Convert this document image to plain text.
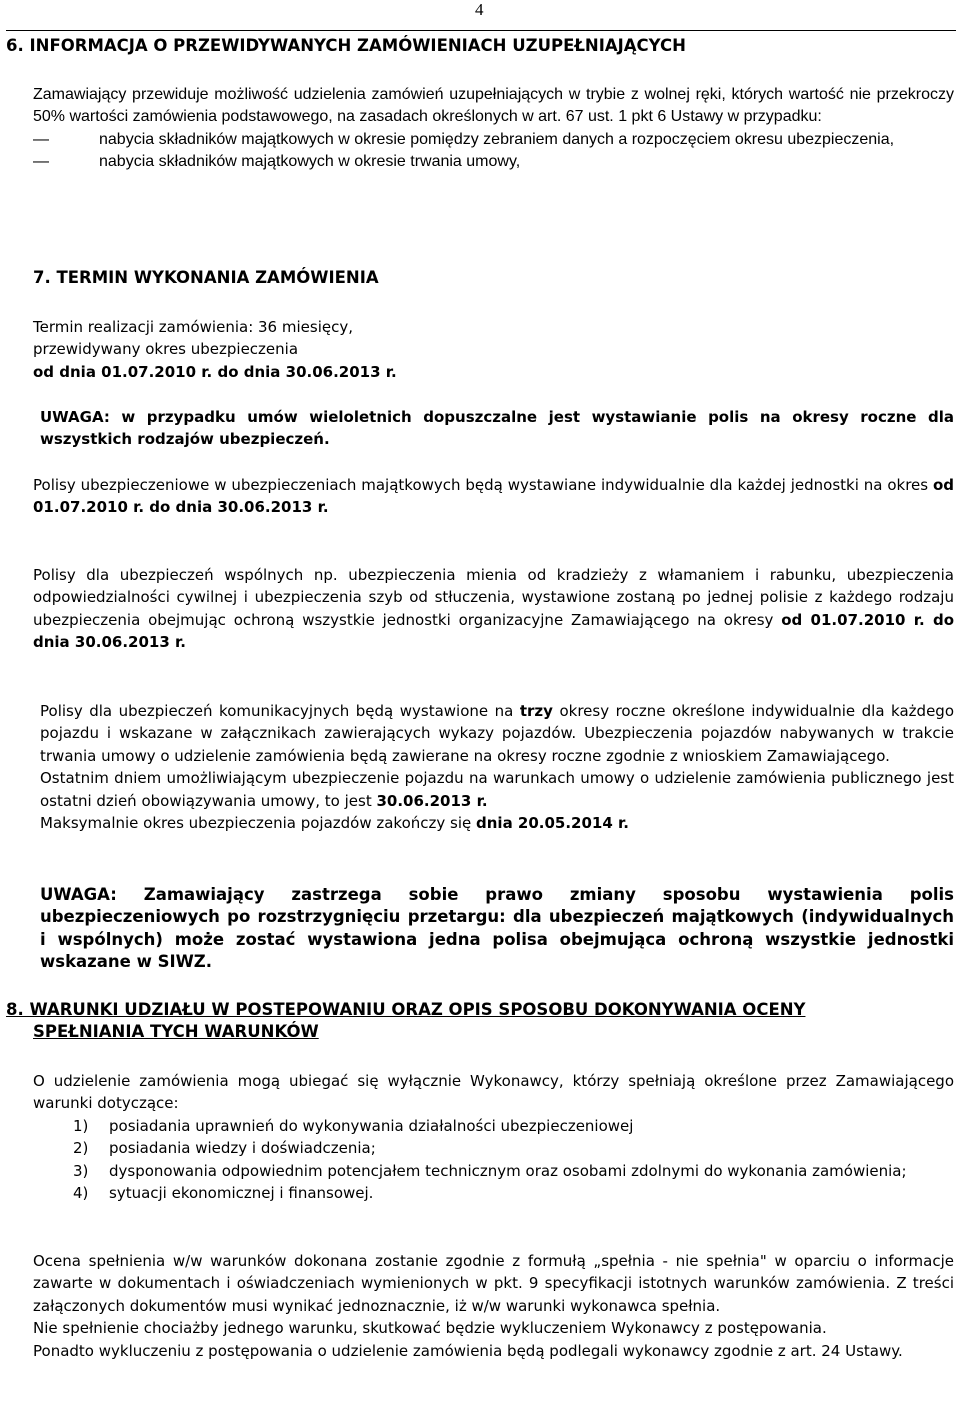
4
6. INFORMACJA O PRZEWIDYWANYCH ZAMÓWIENIACH UZUPEŁNIAJĄCYCH

Zamawiający przewiduje możliwość udzielenia zamówień uzupełniających w trybie z wolnej ręki, których wartość nie przekroczy 50% wartości zamówienia podstawowego, na zasadach określonych w art. 67 ust. 1 pkt 6 Ustawy w przypadku:

—	nabycia składników majątkowych w okresie pomiędzy zebraniem danych a rozpoczęciem okresu ubezpieczenia,
—	nabycia składników majątkowych w okresie trwania umowy,
7. TERMIN WYKONANIA ZAMÓWIENIA

Termin realizacji zamówienia: 36 miesięcy,

przewidywany okres ubezpieczenia

od dnia 01.07.2010 r. do dnia 30.06.2013 r.

UWAGA: w przypadku umów wieloletnich dopuszczalne jest wystawianie polis na okresy roczne dla wszystkich rodzajów ubezpieczeń.
Polisy ubezpieczeniowe w ubezpieczeniach majątkowych będą wystawiane indywidualnie dla każdej jednostki na okres od 01.07.2010 r. do dnia 30.06.2013 r.
Polisy dla ubezpieczeń wspólnych np. ubezpieczenia mienia od kradzieży z włamaniem i rabunku, ubezpieczenia odpowiedzialności cywilnej i ubezpieczenia szyb od stłuczenia, wystawione zostaną po jednej polisie z każdego rodzaju ubezpieczenia obejmując ochroną wszystkie jednostki organizacyjne Zamawiającego na okresy od 01.07.2010 r. do dnia 30.06.2013 r.

Polisy dla ubezpieczeń komunikacyjnych będą wystawione na trzy okresy roczne określone indywidualnie dla każdego pojazdu i wskazane w załącznikach zawierających wykazy pojazdów. Ubezpieczenia pojazdów nabywanych w trakcie trwania umowy o udzielenie zamówienia będą zawierane na okresy roczne zgodnie z wnioskiem Zamawiającego.

Ostatnim dniem umożliwiającym ubezpieczenie pojazdu na warunkach umowy o udzielenie zamówienia publicznego jest ostatni dzień obowiązywania umowy, to jest 30.06.2013 r.

Maksymalnie okres ubezpieczenia pojazdów zakończy się dnia 20.05.2014 r.

UWAGA: Zamawiający zastrzega sobie prawo zmiany sposobu wystawienia polis ubezpieczeniowych po rozstrzygnięciu przetargu: dla ubezpieczeń majątkowych (indywidualnych i wspólnych) może zostać wystawiona jedna polisa obejmująca ochroną wszystkie jednostki wskazane w SIWZ.
8. WARUNKI UDZIAŁU W POSTEPOWANIU ORAZ OPIS SPOSOBU DOKONYWANIA OCENY
SPEŁNIANIA TYCH WARUNKÓW

O udzielenie zamówienia mogą ubiegać się wyłącznie Wykonawcy, którzy spełniają określone przez Zamawiającego warunki dotyczące:

1) posiadania uprawnień do wykonywania działalności ubezpieczeniowej
2) posiadania wiedzy i doświadczenia;
3) dysponowania odpowiednim potencjałem technicznym oraz osobami zdolnymi do wykonania zamówienia;
4) sytuacji ekonomicznej i finansowej.

Ocena spełnienia w/w warunków dokonana zostanie zgodnie z formułą „spełnia - nie spełnia" w oparciu o informacje zawarte w dokumentach i oświadczeniach wymienionych w pkt. 9 specyfikacji istotnych warunków zamówienia. Z treści załączonych dokumentów musi wynikać jednoznacznie, iż w/w warunki wykonawca spełnia.

Nie spełnienie chociażby jednego warunku, skutkować będzie wykluczeniem Wykonawcy z postępowania.

Ponadto wykluczeniu z postępowania o udzielenie zamówienia będą podlegali wykonawcy zgodnie z art. 24 Ustawy.
